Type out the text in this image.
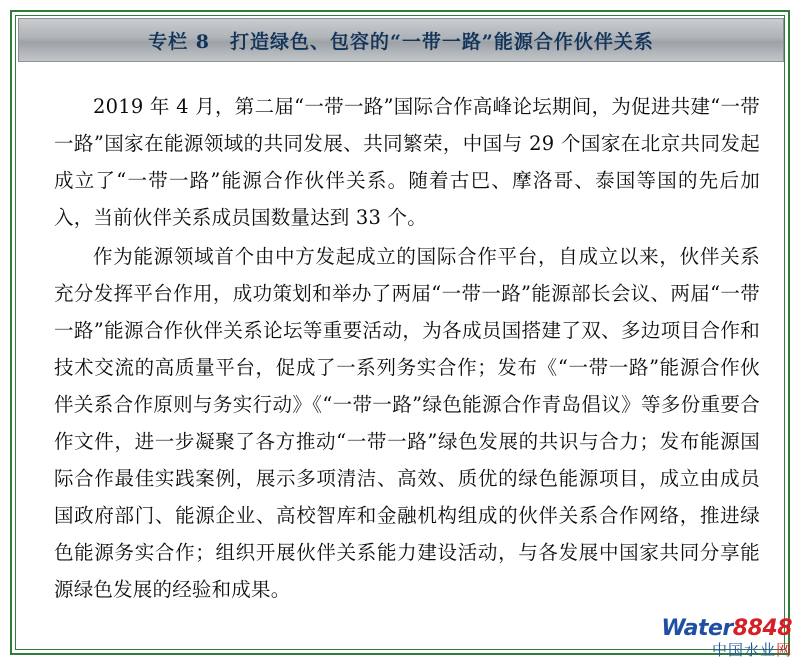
专栏 8　打造绿色、包容的“一带一路”能源合作伙伴关系

2019 年 4 月，第二届“一带一路”国际合作高峰论坛期间，为促进共建“一带一路”国家在能源领域的共同发展、共同繁荣，中国与 29 个国家在北京共同发起成立了“一带一路”能源合作伙伴关系。随着古巴、摩洛哥、泰国等国的先后加入，当前伙伴关系成员国数量达到 33 个。

作为能源领域首个由中方发起成立的国际合作平台，自成立以来，伙伴关系充分发挥平台作用，成功策划和举办了两届“一带一路”能源部长会议、两届“一带一路”能源合作伙伴关系论坛等重要活动，为各成员国搭建了双、多边项目合作和技术交流的高质量平台，促成了一系列务实合作；发布《“一带一路”能源合作伙伴关系合作原则与务实行动》《“一带一路”绿色能源合作青岛倡议》等多份重要合作文件，进一步凝聚了各方推动“一带一路”绿色发展的共识与合力；发布能源国际合作最佳实践案例，展示多项清洁、高效、质优的绿色能源项目，成立由成员国政府部门、能源企业、高校智库和金融机构组成的伙伴关系合作网络，推进绿色能源务实合作；组织开展伙伴关系能力建设活动，与各发展中国家共同分享能源绿色发展的经验和成果。

Water8848
中国水业网
